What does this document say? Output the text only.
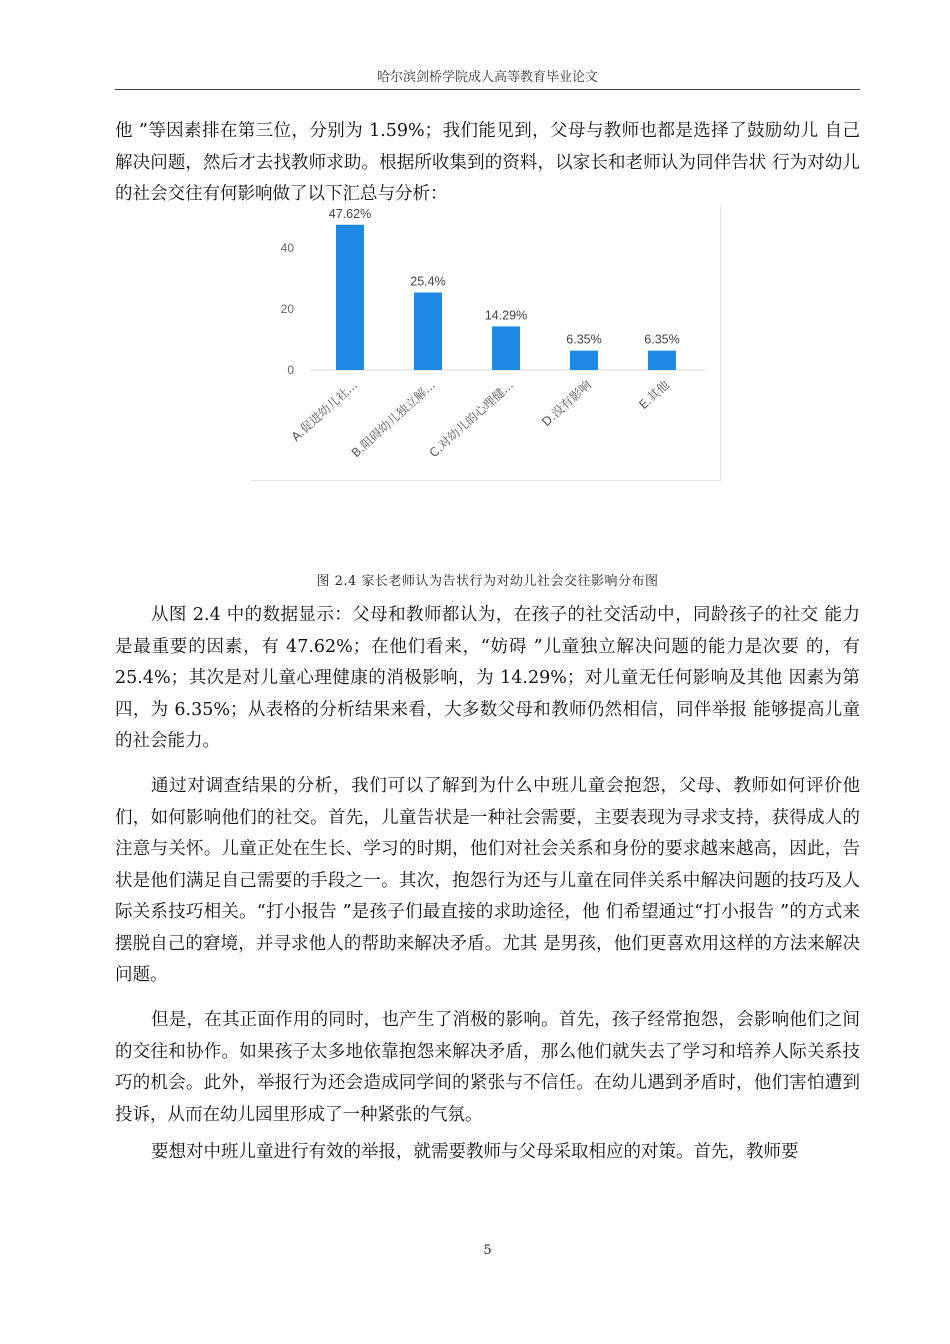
哈尔滨剑桥学院成人高等教育毕业论文

他 ”等因素排在第三位，分别为 1.59%；我们能见到，父母与教师也都是选择了鼓励幼儿 自己解决问题，然后才去找教师求助。根据所收集到的资料，以家长和老师认为同伴告状 行为对幼儿的社会交往有何影响做了以下汇总与分析：

0
20
40
47.62%
A.促进幼儿社...
25.4%
B.阻碍幼儿独立解...
14.29%
C.对幼儿的心理健...
6.35%
D.没有影响
6.35%
E.其他
图 2.4 家长老师认为告状行为对幼儿社会交往影响分布图

从图 2.4 中的数据显示：父母和教师都认为，在孩子的社交活动中，同龄孩子的社交 能力是最重要的因素，有 47.62%；在他们看来，“妨碍 ”儿童独立解决问题的能力是次要 的，有 25.4%；其次是对儿童心理健康的消极影响，为 14.29%；对儿童无任何影响及其他 因素为第四，为 6.35%；从表格的分析结果来看，大多数父母和教师仍然相信，同伴举报 能够提高儿童的社会能力。

通过对调查结果的分析，我们可以了解到为什么中班儿童会抱怨，父母、教师如何评价他们，如何影响他们的社交。首先，儿童告状是一种社会需要，主要表现为寻求支持，获得成人的注意与关怀。儿童正处在生长、学习的时期，他们对社会关系和身份的要求越来越高，因此，告状是他们满足自己需要的手段之一。其次，抱怨行为还与儿童在同伴关系中解决问题的技巧及人际关系技巧相关。“打小报告 ”是孩子们最直接的求助途径，他 们希望通过“打小报告 ”的方式来摆脱自己的窘境，并寻求他人的帮助来解决矛盾。尤其 是男孩，他们更喜欢用这样的方法来解决问题。

但是，在其正面作用的同时，也产生了消极的影响。首先，孩子经常抱怨，会影响他们之间的交往和协作。如果孩子太多地依靠抱怨来解决矛盾，那么他们就失去了学习和培养人际关系技巧的机会。此外，举报行为还会造成同学间的紧张与不信任。在幼儿遇到矛盾时，他们害怕遭到投诉，从而在幼儿园里形成了一种紧张的气氛。

要想对中班儿童进行有效的举报，就需要教师与父母采取相应的对策。首先，教师要

5
